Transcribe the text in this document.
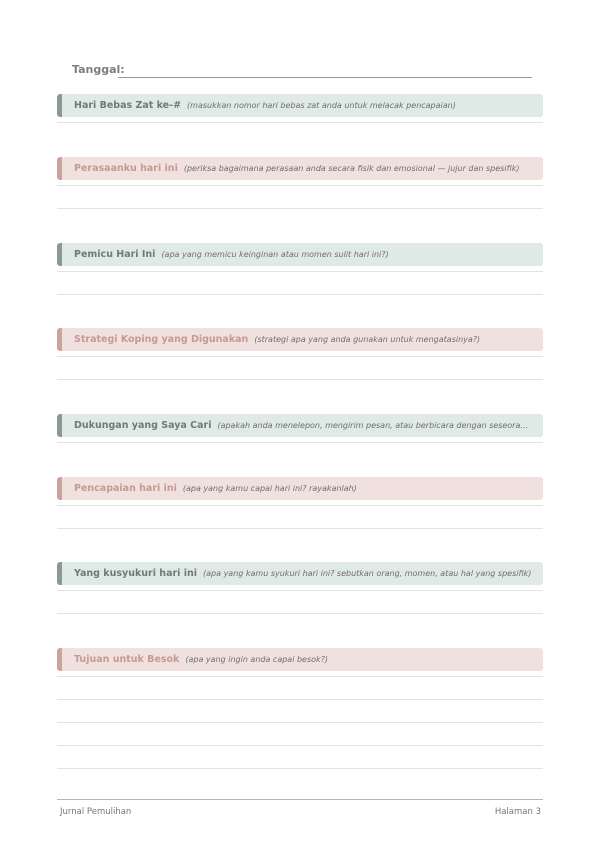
Tanggal:
Hari Bebas Zat ke-# (masukkan nomor hari bebas zat anda untuk melacak pencapaian)
Perasaanku hari ini (periksa bagaimana perasaan anda secara fisik dan emosional — jujur dan spesifik)
Pemicu Hari Ini (apa yang memicu keinginan atau momen sulit hari ini?)
Strategi Koping yang Digunakan (strategi apa yang anda gunakan untuk mengatasinya?)
Dukungan yang Saya Cari (apakah anda menelepon, mengirim pesan, atau berbicara dengan seseoran...
Pencapaian hari ini (apa yang kamu capai hari ini? rayakanlah)
Yang kusyukuri hari ini (apa yang kamu syukuri hari ini? sebutkan orang, momen, atau hal yang spesifik)
Tujuan untuk Besok (apa yang ingin anda capai besok?)
Jurnal Pemulihan	Halaman 3
